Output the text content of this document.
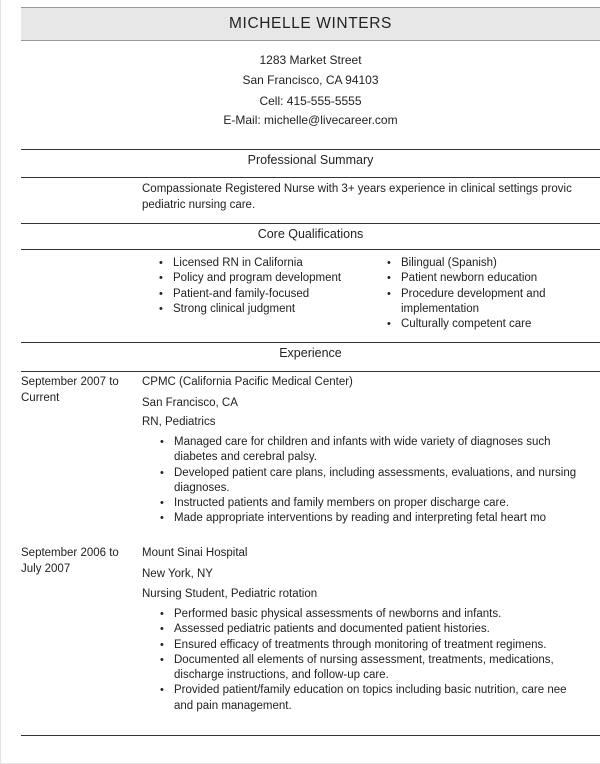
MICHELLE WINTERS
1283 Market Street
San Francisco, CA 94103
Cell: 415-555-5555
E-Mail: michelle@livecareer.com
Professional Summary
Compassionate Registered Nurse with 3+ years experience in clinical settings provic
pediatric nursing care.
Core Qualifications
• Licensed RN in California
• Policy and program development
• Patient-and family-focused
• Strong clinical judgment
• Bilingual (Spanish)
• Patient newborn education
• Procedure development and
implementation
• Culturally competent care
Experience
September 2007 to
Current
CPMC (California Pacific Medical Center)
San Francisco, CA
RN, Pediatrics
• Managed care for children and infants with wide variety of diagnoses such
diabetes and cerebral palsy.
• Developed patient care plans, including assessments, evaluations, and nursing
diagnoses.
• Instructed patients and family members on proper discharge care.
• Made appropriate interventions by reading and interpreting fetal heart mo
September 2006 to
July 2007
Mount Sinai Hospital
New York, NY
Nursing Student, Pediatric rotation
• Performed basic physical assessments of newborns and infants.
• Assessed pediatric patients and documented patient histories.
• Ensured efficacy of treatments through monitoring of treatment regimens.
• Documented all elements of nursing assessment, treatments, medications,
discharge instructions, and follow-up care.
• Provided patient/family education on topics including basic nutrition, care nee
and pain management.
